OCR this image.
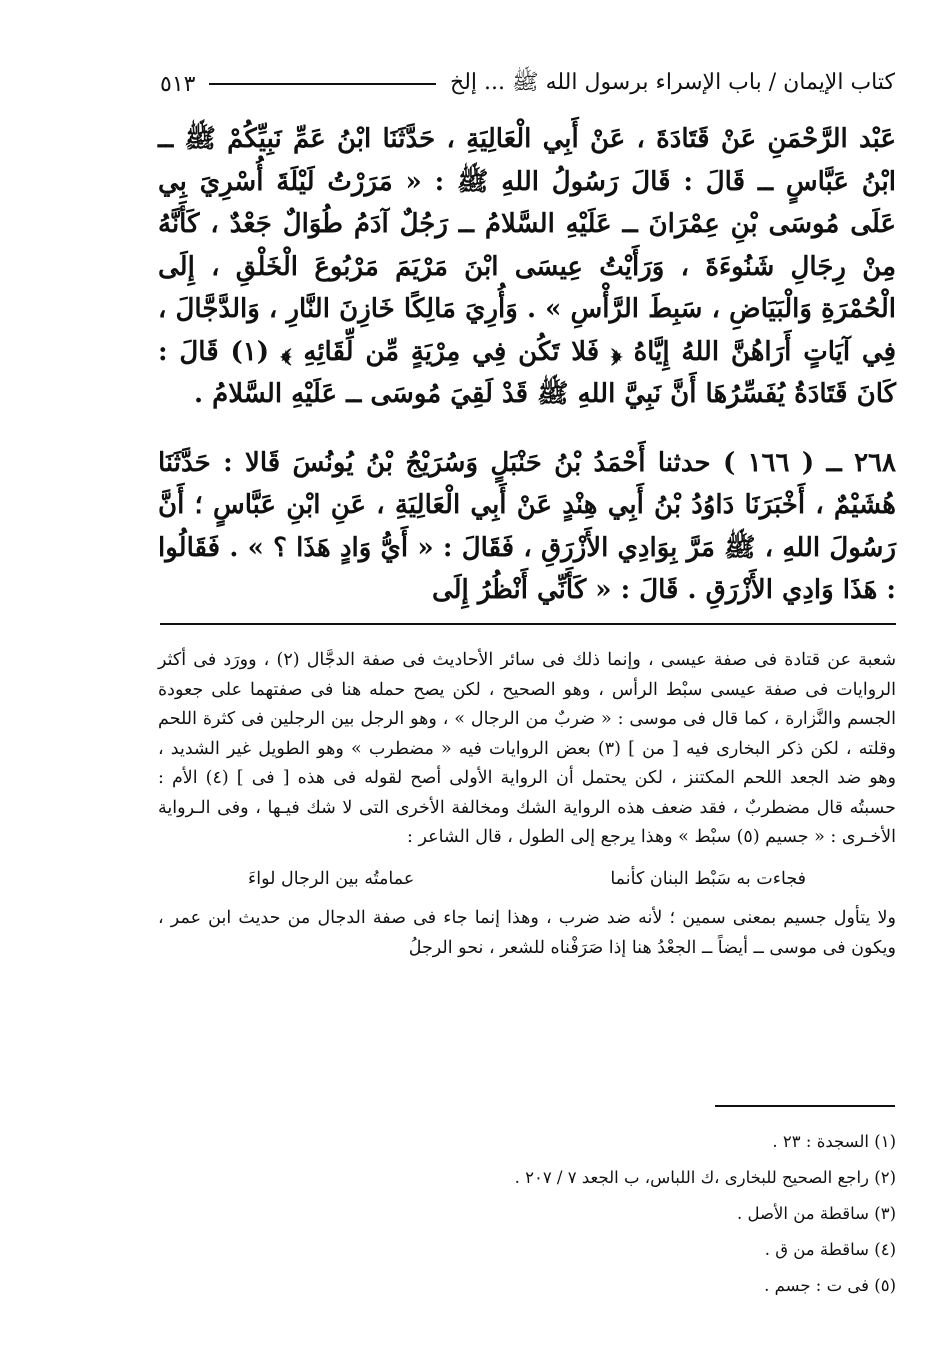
كتاب الإيمان / باب الإسراء برسول الله ﷺ ... إلخ
٥١٣

عَبْد الرَّحْمَنِ عَنْ قَتَادَةَ ، عَنْ أَبِي الْعَالِيَةِ ، حَدَّثَنَا ابْنُ عَمِّ نَبِيِّكُمْ ﷺ ــ ابْنُ عَبَّاسٍ ــ قَالَ : قَالَ رَسُولُ اللهِ ﷺ : « مَرَرْتُ لَيْلَةَ أُسْرِيَ بِي عَلَى مُوسَى بْنِ عِمْرَانَ ــ عَلَيْهِ السَّلامُ ــ رَجُلٌ آدَمُ طُوَالٌ جَعْدٌ ، كَأَنَّهُ مِنْ رِجَالِ شَنُوءَةَ ، وَرَأَيْتُ عِيسَى ابْنَ مَرْيَمَ مَرْبُوعَ الْخَلْقِ ، إِلَى الْحُمْرَةِ وَالْبَيَاضِ ، سَبِطَ الرَّأْسِ » . وَأُرِيَ مَالِكًا خَازِنَ النَّارِ ، وَالدَّجَّالَ ، فِي آيَاتٍ أَرَاهُنَّ اللهُ إِيَّاهُ ﴿ فَلا تَكُن فِي مِرْيَةٍ مِّن لِّقَائِهِ ﴾ (١) قَالَ : كَانَ قَتَادَةُ يُفَسِّرُهَا أَنَّ نَبِيَّ اللهِ ﷺ قَدْ لَقِيَ مُوسَى ــ عَلَيْهِ السَّلامُ .

٢٦٨ ــ ( ١٦٦ ) حدثنا أَحْمَدُ بْنُ حَنْبَلٍ وَسُرَيْجُ بْنُ يُونُسَ قَالا : حَدَّثَنَا هُشَيْمٌ ، أَخْبَرَنَا دَاوُدُ بْنُ أَبِي هِنْدٍ عَنْ أَبِي الْعَالِيَةِ ، عَنِ ابْنِ عَبَّاسٍ ؛ أَنَّ رَسُولَ اللهِ ، ﷺ مَرَّ بِوَادِي الأَزْرَقِ ، فَقَالَ : « أَيُّ وَادٍ هَذَا ؟ » . فَقَالُوا : هَذَا وَادِي الأَزْرَقِ . قَالَ : « كَأَنِّي أَنْظُرُ إِلَى

شعبة عن قتادة فى صفة عيسى ، وإنما ذلك فى سائر الأحاديث فى صفة الدجَّال (٢) ، وورَد فى أكثر الروايات فى صفة عيسى سبْط الرأس ، وهو الصحيح ، لكن يصح حمله هنا فى صفتهما على جعودة الجسم والنَّزارة ، كما قال فى موسى : « ضربٌ من الرجال » ، وهو الرجل بين الرجلين فى كثرة اللحم وقلته ، لكن ذكر البخارى فيه [ من ] (٣) بعض الروايات فيه « مضطرب » وهو الطويل غير الشديد ، وهو ضد الجعد اللحم المكتنز ، لكن يحتمل أن الرواية الأولى أصح لقوله فى هذه [ فى ] (٤) الأم : حسبتُه قال مضطربٌ ، فقد ضعف هذه الرواية الشك ومخالفة الأخرى التى لا شك فيـها ، وفى الـرواية الأخـرى : « جسيم (٥) سبْط » وهذا يرجع إلى الطول ، قال الشاعر :

فجاءت به سَبْط البنان كأنما
عمامتُه بين الرجال لواءَ

ولا يتأول جسيم بمعنى سمين ؛ لأنه ضد ضرب ، وهذا إنما جاء فى صفة الدجال من حديث ابن عمر ، ويكون فى موسى ــ أيضاً ــ الجعْدُ هنا إذا صَرَفْناه للشعر ، نحو الرجلُ

(١) السجدة : ٢٣ .
(٢) راجع الصحيح للبخارى ،ك اللباس، ب الجعد ٧ / ٢٠٧ .
(٣) ساقطة من الأصل .
(٤) ساقطة من ق .
(٥) فى ت : جسم .
